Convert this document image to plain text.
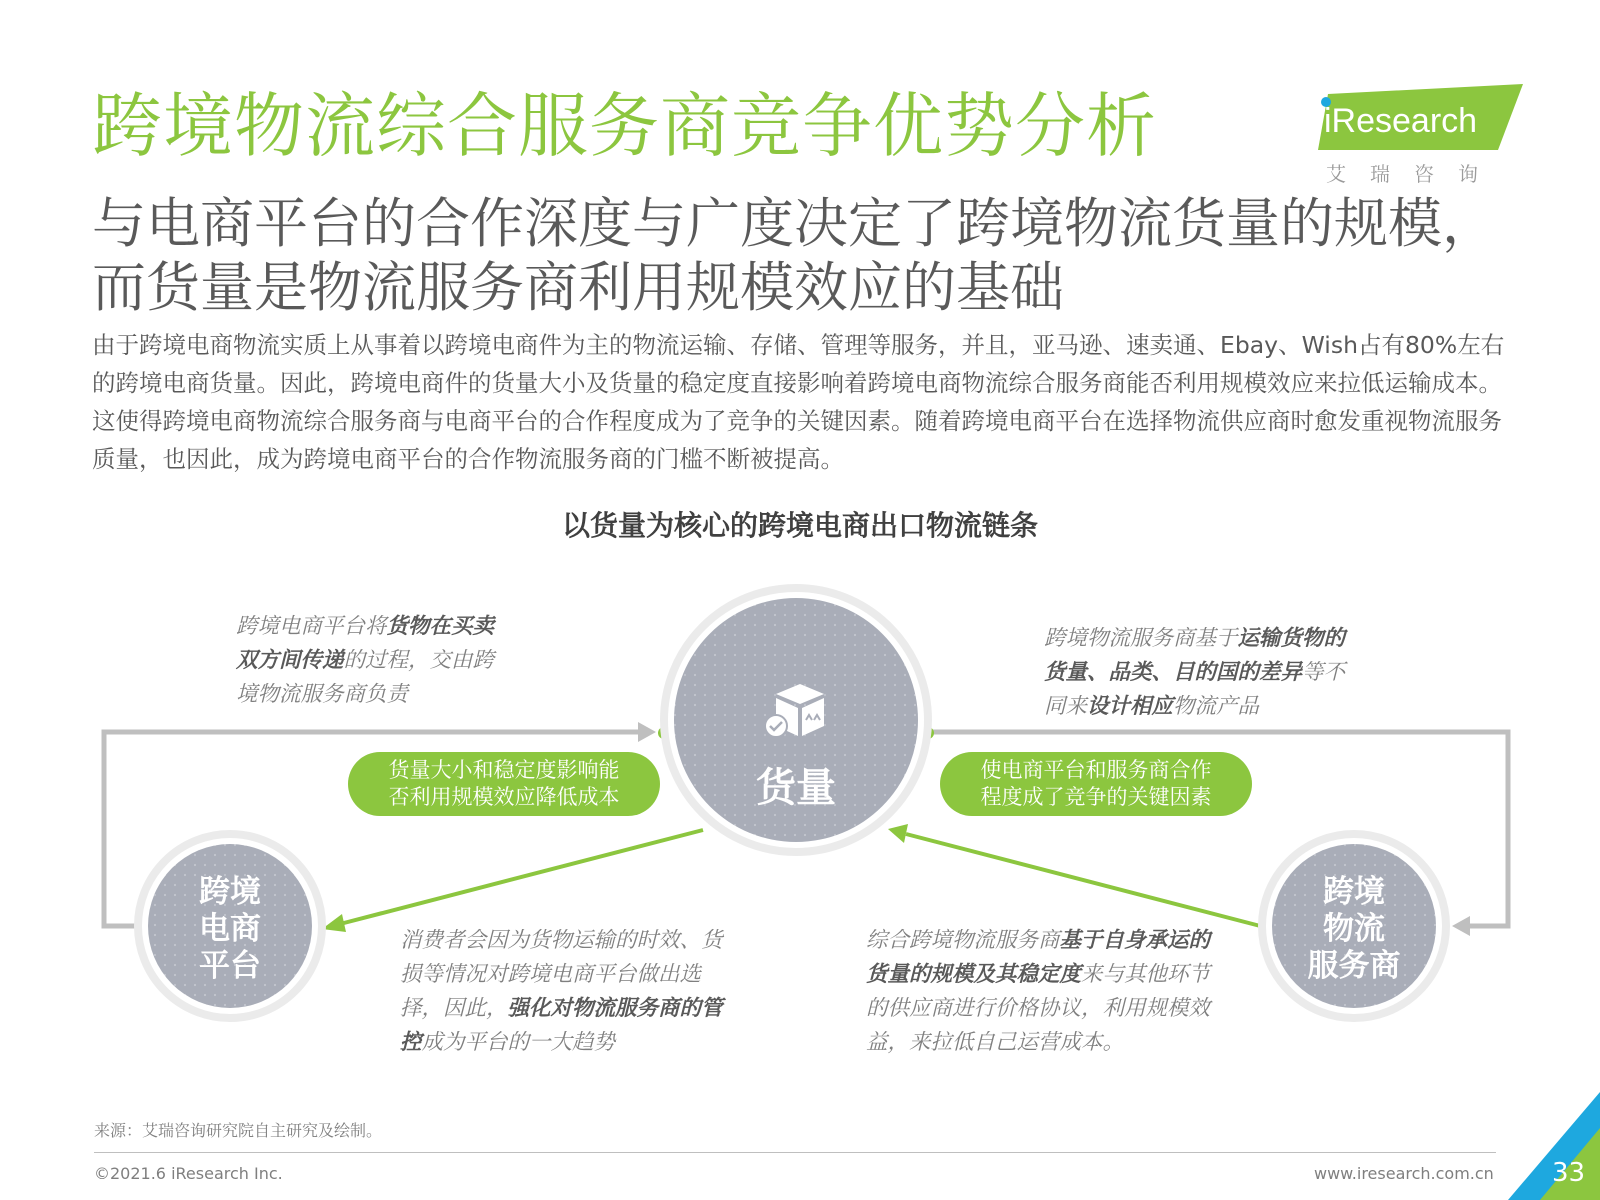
跨境物流综合服务商竞争优势分析	iResearch
艾瑞咨询
与电商平台的合作深度与广度决定了跨境物流货量的规模，
而货量是物流服务商利用规模效应的基础
由于跨境电商物流实质上从事着以跨境电商件为主的物流运输、存储、管理等服务，并且，亚马逊、速卖通、Ebay、Wish占有80%左右的跨境电商货量。因此，跨境电商件的货量大小及货量的稳定度直接影响着跨境电商物流综合服务商能否利用规模效应来拉低运输成本。这使得跨境电商物流综合服务商与电商平台的合作程度成为了竞争的关键因素。随着跨境电商平台在选择物流供应商时愈发重视物流服务质量，也因此，成为跨境电商平台的合作物流服务商的门槛不断被提高。
以货量为核心的跨境电商出口物流链条
货量
跨境
电商
平台
跨境
物流
服务商
货量大小和稳定度影响能否利用规模效应降低成本
使电商平台和服务商合作程度成了竞争的关键因素
跨境电商平台将货物在买卖双方间传递的过程，交由跨境物流服务商负责
跨境物流服务商基于运输货物的货量、品类、目的国的差异等不同来设计相应物流产品
消费者会因为货物运输的时效、货损等情况对跨境电商平台做出选择，因此，强化对物流服务商的管控成为平台的一大趋势
综合跨境物流服务商基于自身承运的货量的规模及其稳定度来与其他环节的供应商进行价格协议，利用规模效益，来拉低自己运营成本。
来源：艾瑞咨询研究院自主研究及绘制。
©2021.6 iResearch Inc.	www.iresearch.com.cn 33
